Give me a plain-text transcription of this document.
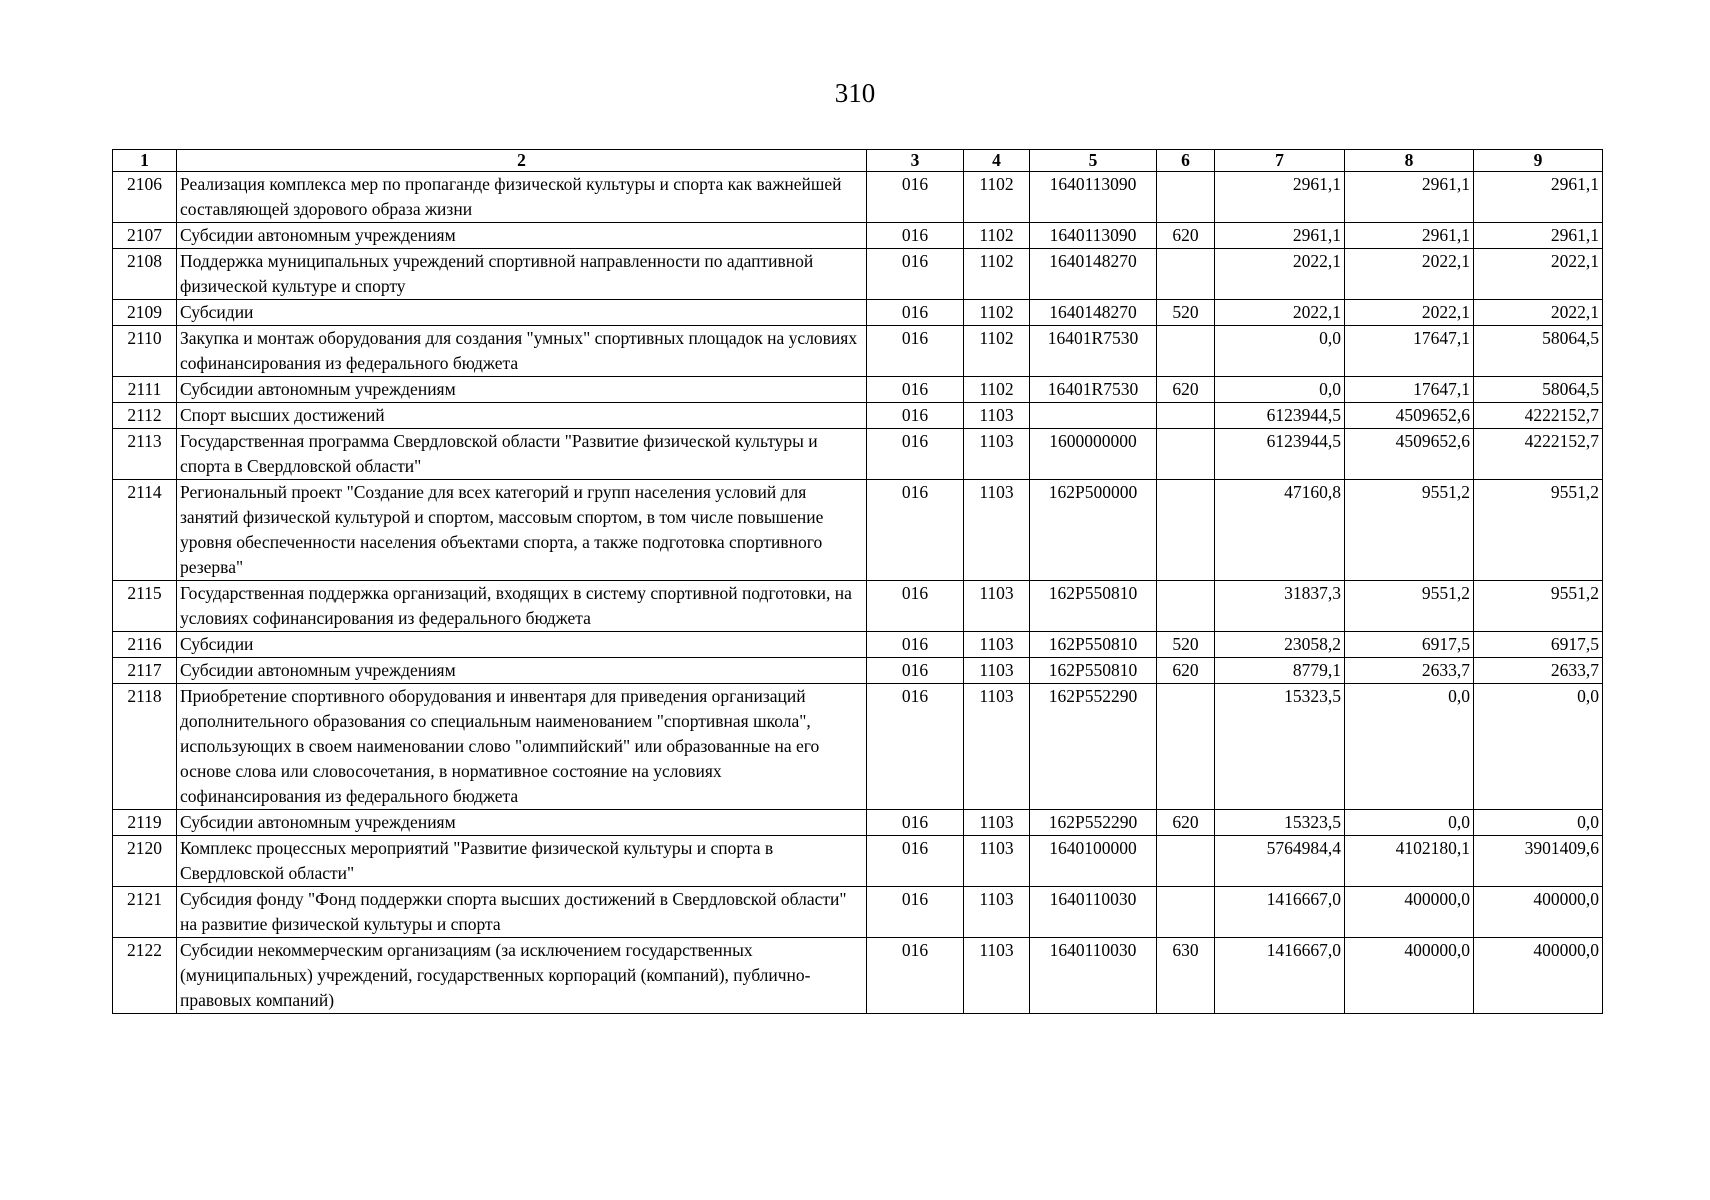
310
1	2	3	4	5	6	7	8	9
2106	Реализация комплекса мер по пропаганде физической культуры и спорта как важнейшей составляющей здорового образа жизни	016	1102	1640113090		2961,1	2961,1	2961,1
2107	Субсидии автономным учреждениям	016	1102	1640113090	620	2961,1	2961,1	2961,1
2108	Поддержка муниципальных учреждений спортивной направленности по адаптивной физической культуре и спорту	016	1102	1640148270		2022,1	2022,1	2022,1
2109	Субсидии	016	1102	1640148270	520	2022,1	2022,1	2022,1
2110	Закупка и монтаж оборудования для создания "умных" спортивных площадок на условиях софинансирования из федерального бюджета	016	1102	16401R7530		0,0	17647,1	58064,5
2111	Субсидии автономным учреждениям	016	1102	16401R7530	620	0,0	17647,1	58064,5
2112	Спорт высших достижений	016	1103			6123944,5	4509652,6	4222152,7
2113	Государственная программа Свердловской области "Развитие физической культуры и спорта в Свердловской области"	016	1103	1600000000		6123944,5	4509652,6	4222152,7
2114	Региональный проект "Создание для всех категорий и групп населения условий для занятий физической культурой и спортом, массовым спортом, в том числе повышение уровня обеспеченности населения объектами спорта, а также подготовка спортивного резерва"	016	1103	162P500000		47160,8	9551,2	9551,2
2115	Государственная поддержка организаций, входящих в систему спортивной подготовки, на условиях софинансирования из федерального бюджета	016	1103	162P550810		31837,3	9551,2	9551,2
2116	Субсидии	016	1103	162P550810	520	23058,2	6917,5	6917,5
2117	Субсидии автономным учреждениям	016	1103	162P550810	620	8779,1	2633,7	2633,7
2118	Приобретение спортивного оборудования и инвентаря для приведения организаций дополнительного образования со специальным наименованием "спортивная школа", использующих в своем наименовании слово "олимпийский" или образованные на его основе слова или словосочетания, в нормативное состояние на условиях софинансирования из федерального бюджета	016	1103	162P552290		15323,5	0,0	0,0
2119	Субсидии автономным учреждениям	016	1103	162P552290	620	15323,5	0,0	0,0
2120	Комплекс процессных мероприятий "Развитие физической культуры и спорта в Свердловской области"	016	1103	1640100000		5764984,4	4102180,1	3901409,6
2121	Субсидия фонду "Фонд поддержки спорта высших достижений в Свердловской области" на развитие физической культуры и спорта	016	1103	1640110030		1416667,0	400000,0	400000,0
2122	Субсидии некоммерческим организациям (за исключением государственных (муниципальных) учреждений, государственных корпораций (компаний), публично-правовых компаний)	016	1103	1640110030	630	1416667,0	400000,0	400000,0
